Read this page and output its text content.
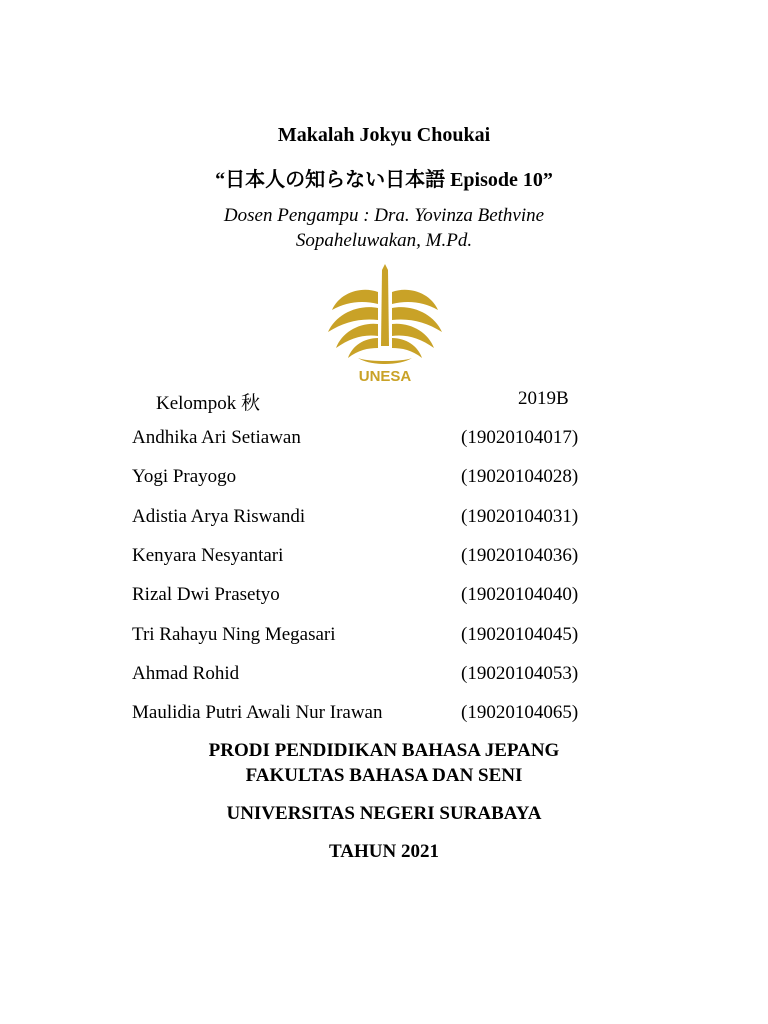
Makalah Jokyu Choukai
“日本人の知らない日本語 Episode 10”
Dosen Pengampu : Dra. Yovinza Bethvine
Sopaheluwakan, M.Pd.
UNESA
Kelompok 秋	2019B
Andhika Ari Setiawan	(19020104017)
Yogi Prayogo	(19020104028)
Adistia Arya Riswandi	(19020104031)
Kenyara Nesyantari	(19020104036)
Rizal Dwi Prasetyo	(19020104040)
Tri Rahayu Ning Megasari	(19020104045)
Ahmad Rohid	(19020104053)
Maulidia Putri Awali Nur Irawan	(19020104065)
PRODI PENDIDIKAN BAHASA JEPANG
FAKULTAS BAHASA DAN SENI
UNIVERSITAS NEGERI SURABAYA
TAHUN 2021
